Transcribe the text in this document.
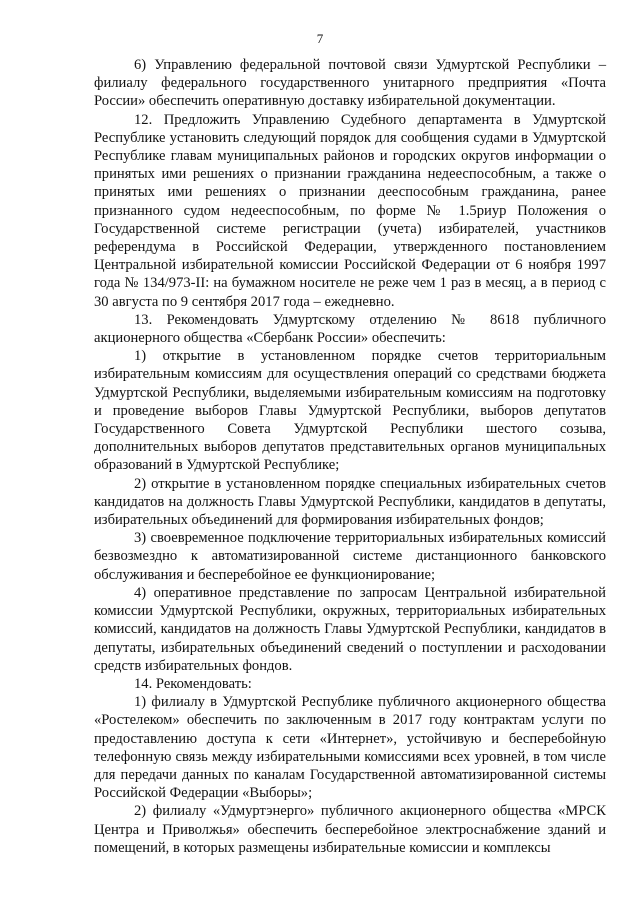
7

6) Управлению федеральной почтовой связи Удмуртской Республики – филиалу федерального государственного унитарного предприятия «Почта России» обеспечить оперативную доставку избирательной документации.

12. Предложить Управлению Судебного департамента в Удмуртской Республике установить следующий порядок для сообщения судами в Удмуртской Республике главам муниципальных районов и городских округов информации о принятых ими решениях о признании гражданина недееспособным, а также о принятых ими решениях о признании дееспособным гражданина, ранее признанного судом недееспособным, по форме № 1.5риур Положения о Государственной системе регистрации (учета) избирателей, участников референдума в Российской Федерации, утвержденного постановлением Центральной избирательной комиссии Российской Федерации от 6 ноября 1997 года № 134/973-II: на бумажном носителе не реже чем 1 раз в месяц, а в период с 30 августа по 9 сентября 2017 года – ежедневно.

13. Рекомендовать Удмуртскому отделению № 8618 публичного акционерного общества «Сбербанк России» обеспечить:

1) открытие в установленном порядке счетов территориальным избирательным комиссиям для осуществления операций со средствами бюджета Удмуртской Республики, выделяемыми избирательным комиссиям на подготовку и проведение выборов Главы Удмуртской Республики, выборов депутатов Государственного Совета Удмуртской Республики шестого созыва, дополнительных выборов депутатов представительных органов муниципальных образований в Удмуртской Республике;

2) открытие в установленном порядке специальных избирательных счетов кандидатов на должность Главы Удмуртской Республики, кандидатов в депутаты, избирательных объединений для формирования избирательных фондов;

3) своевременное подключение территориальных избирательных комиссий безвозмездно к автоматизированной системе дистанционного банковского обслуживания и бесперебойное ее функционирование;

4) оперативное представление по запросам Центральной избирательной комиссии Удмуртской Республики, окружных, территориальных избирательных комиссий, кандидатов на должность Главы Удмуртской Республики, кандидатов в депутаты, избирательных объединений сведений о поступлении и расходовании средств избирательных фондов.

14. Рекомендовать:

1) филиалу в Удмуртской Республике публичного акционерного общества «Ростелеком» обеспечить по заключенным в 2017 году контрактам услуги по предоставлению доступа к сети «Интернет», устойчивую и бесперебойную телефонную связь между избирательными комиссиями всех уровней, в том числе для передачи данных по каналам Государственной автоматизированной системы Российской Федерации «Выборы»;

2) филиалу «Удмуртэнерго» публичного акционерного общества «МРСК Центра и Приволжья» обеспечить бесперебойное электроснабжение зданий и помещений, в которых размещены избирательные комиссии и комплексы
